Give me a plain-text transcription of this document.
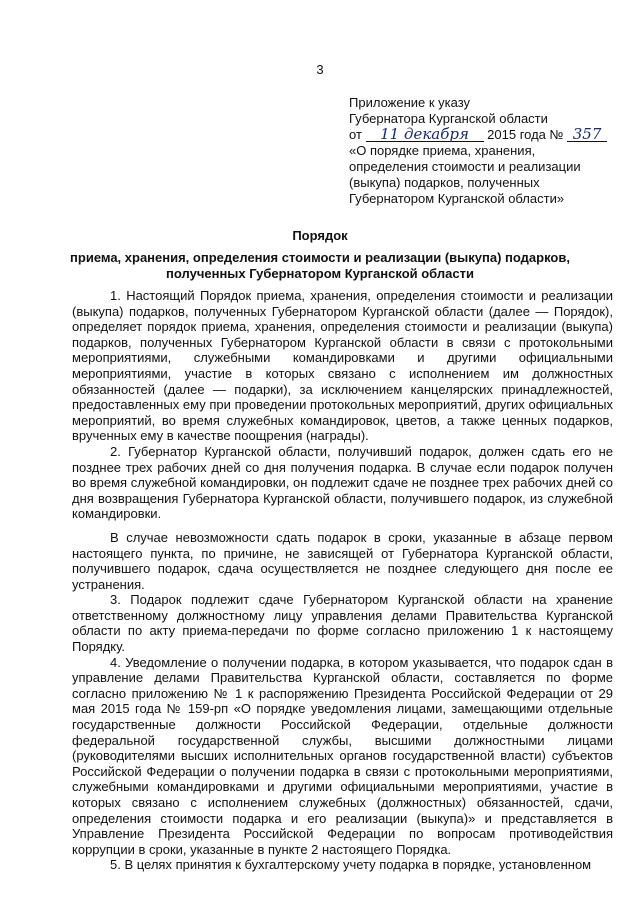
3
Приложение к указу
Губернатора Курганской области
от 11 декабря 2015 года № 357
«О порядке приема, хранения,
определения стоимости и реализации
(выкупа) подарков, полученных
Губернатором Курганской области»
Порядок
приема, хранения, определения стоимости и реализации (выкупа) подарков,
полученных Губернатором Курганской области

1. Настоящий Порядок приема, хранения, определения стоимости и реализации (выкупа) подарков, полученных Губернатором Курганской области (далее — Порядок), определяет порядок приема, хранения, определения стоимости и реализации (выкупа) подарков, полученных Губернатором Курганской области в связи с протокольными мероприятиями, служебными командировками и другими официальными мероприятиями, участие в которых связано с исполнением им должностных обязанностей (далее — подарки), за исключением канцелярских принадлежностей, предоставленных ему при проведении протокольных мероприятий, других официальных мероприятий, во время служебных командировок, цветов, а также ценных подарков, врученных ему в качестве поощрения (награды).

2. Губернатор Курганской области, получивший подарок, должен сдать его не позднее трех рабочих дней со дня получения подарка. В случае если подарок получен во время служебной командировки, он подлежит сдаче не позднее трех рабочих дней со дня возвращения Губернатора Курганской области, получившего подарок, из служебной командировки.

В случае невозможности сдать подарок в сроки, указанные в абзаце первом настоящего пункта, по причине, не зависящей от Губернатора Курганской области, получившего подарок, сдача осуществляется не позднее следующего дня после ее устранения.

3. Подарок подлежит сдаче Губернатором Курганской области на хранение ответственному должностному лицу управления делами Правительства Курганской области по акту приема-передачи по форме согласно приложению 1 к настоящему Порядку.

4. Уведомление о получении подарка, в котором указывается, что подарок сдан в управление делами Правительства Курганской области, составляется по форме согласно приложению № 1 к распоряжению Президента Российской Федерации от 29 мая 2015 года № 159-рп «О порядке уведомления лицами, замещающими отдельные государственные должности Российской Федерации, отдельные должности федеральной государственной службы, высшими должностными лицами (руководителями высших исполнительных органов государственной власти) субъектов Российской Федерации о получении подарка в связи с протокольными мероприятиями, служебными командировками и другими официальными мероприятиями, участие в которых связано с исполнением служебных (должностных) обязанностей, сдачи, определения стоимости подарка и его реализации (выкупа)» и представляется в Управление Президента Российской Федерации по вопросам противодействия коррупции в сроки, указанные в пункте 2 настоящего Порядка.

5. В целях принятия к бухгалтерскому учету подарка в порядке, установленном
